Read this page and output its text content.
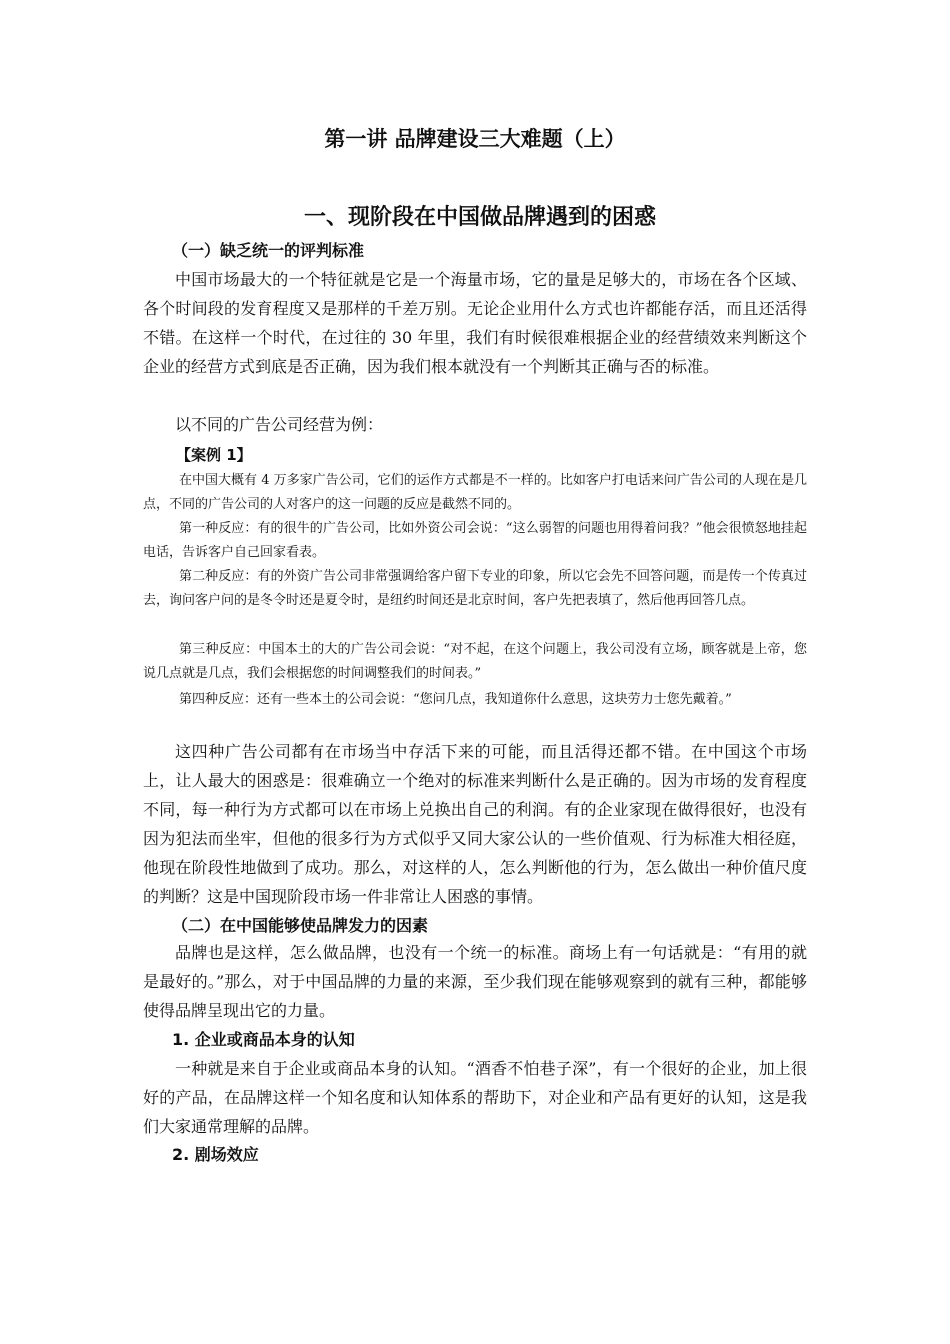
第一讲 品牌建设三大难题（上）
一、现阶段在中国做品牌遇到的困惑
（一）缺乏统一的评判标准

中国市场最大的一个特征就是它是一个海量市场，它的量是足够大的，市场在各个区域、各个时间段的发育程度又是那样的千差万别。无论企业用什么方式也许都能存活，而且还活得不错。在这样一个时代，在过往的 30 年里，我们有时候很难根据企业的经营绩效来判断这个企业的经营方式到底是否正确，因为我们根本就没有一个判断其正确与否的标准。

以不同的广告公司经营为例：

【案例 1】

在中国大概有 4 万多家广告公司，它们的运作方式都是不一样的。比如客户打电话来问广告公司的人现在是几点，不同的广告公司的人对客户的这一问题的反应是截然不同的。

第一种反应：有的很牛的广告公司，比如外资公司会说：“这么弱智的问题也用得着问我？”他会很愤怒地挂起电话，告诉客户自己回家看表。

第二种反应：有的外资广告公司非常强调给客户留下专业的印象，所以它会先不回答问题，而是传一个传真过去，询问客户问的是冬令时还是夏令时，是纽约时间还是北京时间，客户先把表填了，然后他再回答几点。

第三种反应：中国本土的大的广告公司会说：“对不起，在这个问题上，我公司没有立场，顾客就是上帝，您说几点就是几点，我们会根据您的时间调整我们的时间表。”

第四种反应：还有一些本土的公司会说：“您问几点，我知道你什么意思，这块劳力士您先戴着。”

这四种广告公司都有在市场当中存活下来的可能，而且活得还都不错。在中国这个市场上，让人最大的困惑是：很难确立一个绝对的标准来判断什么是正确的。因为市场的发育程度不同，每一种行为方式都可以在市场上兑换出自己的利润。有的企业家现在做得很好，也没有因为犯法而坐牢，但他的很多行为方式似乎又同大家公认的一些价值观、行为标准大相径庭，他现在阶段性地做到了成功。那么，对这样的人，怎么判断他的行为，怎么做出一种价值尺度的判断？这是中国现阶段市场一件非常让人困惑的事情。

（二）在中国能够使品牌发力的因素

品牌也是这样，怎么做品牌，也没有一个统一的标准。商场上有一句话就是：“有用的就是最好的。”那么，对于中国品牌的力量的来源，至少我们现在能够观察到的就有三种，都能够使得品牌呈现出它的力量。

1. 企业或商品本身的认知

一种就是来自于企业或商品本身的认知。“酒香不怕巷子深”，有一个很好的企业，加上很好的产品，在品牌这样一个知名度和认知体系的帮助下，对企业和产品有更好的认知，这是我们大家通常理解的品牌。

2. 剧场效应
